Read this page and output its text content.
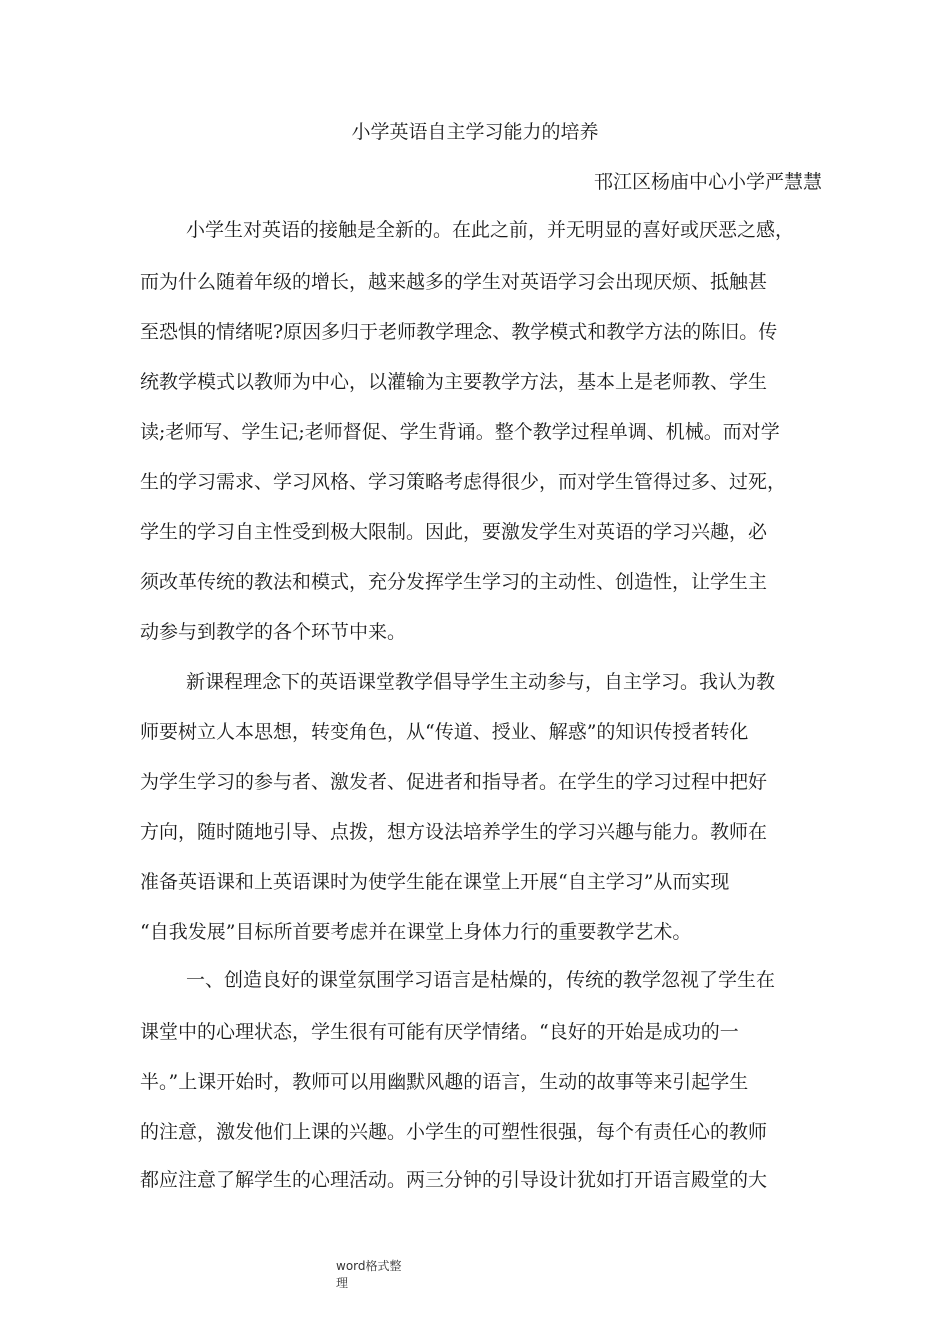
小学英语自主学习能力的培养
邗江区杨庙中心小学严慧慧
小学生对英语的接触是全新的。在此之前，并无明显的喜好或厌恶之感，
而为什么随着年级的增长，越来越多的学生对英语学习会出现厌烦、抵触甚
至恐惧的情绪呢?原因多归于老师教学理念、教学模式和教学方法的陈旧。传
统教学模式以教师为中心，以灌输为主要教学方法，基本上是老师教、学生
读;老师写、学生记;老师督促、学生背诵。整个教学过程单调、机械。而对学
生的学习需求、学习风格、学习策略考虑得很少，而对学生管得过多、过死，
学生的学习自主性受到极大限制。因此，要激发学生对英语的学习兴趣，必
须改革传统的教法和模式，充分发挥学生学习的主动性、创造性，让学生主
动参与到教学的各个环节中来。
新课程理念下的英语课堂教学倡导学生主动参与，自主学习。我认为教
师要树立人本思想，转变角色，从“传道、授业、解惑”的知识传授者转化
为学生学习的参与者、激发者、促进者和指导者。在学生的学习过程中把好
方向，随时随地引导、点拨，想方设法培养学生的学习兴趣与能力。教师在
准备英语课和上英语课时为使学生能在课堂上开展“自主学习”从而实现
“自我发展”目标所首要考虑并在课堂上身体力行的重要教学艺术。
一、创造良好的课堂氛围学习语言是枯燥的，传统的教学忽视了学生在
课堂中的心理状态，学生很有可能有厌学情绪。“良好的开始是成功的一
半。”上课开始时，教师可以用幽默风趣的语言，生动的故事等来引起学生
的注意，激发他们上课的兴趣。小学生的可塑性很强，每个有责任心的教师
都应注意了解学生的心理活动。两三分钟的引导设计犹如打开语言殿堂的大
word格式整
理
